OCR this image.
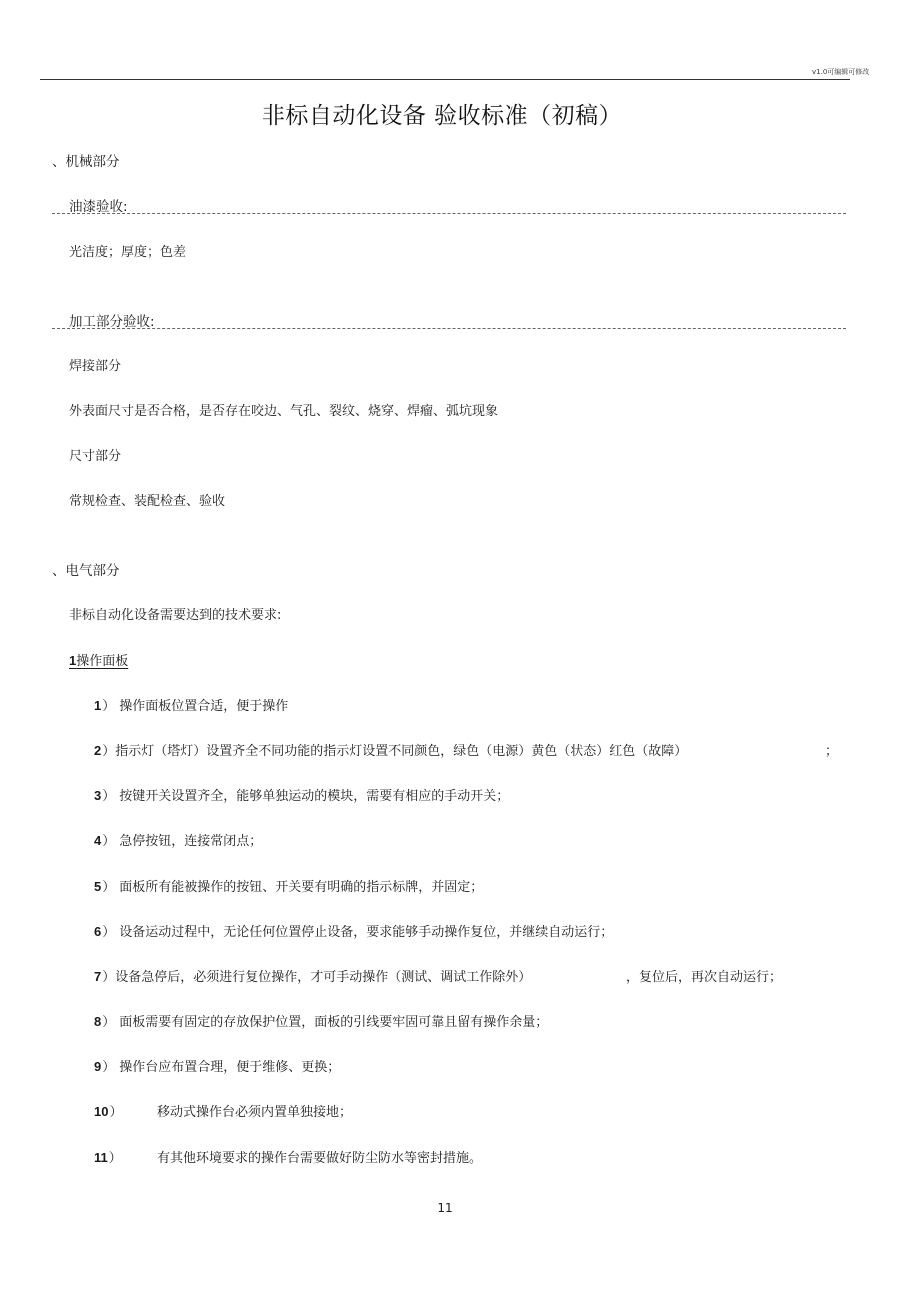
v1.0可编辑可修改
非标自动化设备 验收标准（初稿）
、机械部分
油漆验收:
光洁度；厚度；色差
加工部分验收:
焊接部分
外表面尺寸是否合格，是否存在咬边、气孔、裂纹、烧穿、焊瘤、弧坑现象
尺寸部分
常规检查、装配检查、验收
、电气部分
非标自动化设备需要达到的技术要求:
1操作面板
1） 操作面板位置合适，便于操作
2）指示灯（塔灯）设置齐全不同功能的指示灯设置不同颜色，绿色（电源）黄色（状态）红色（故障）	；
3） 按键开关设置齐全，能够单独运动的模块，需要有相应的手动开关；
4） 急停按钮，连接常闭点；
5） 面板所有能被操作的按钮、开关要有明确的指示标牌，并固定；
6） 设备运动过程中，无论任何位置停止设备，要求能够手动操作复位，并继续自动运行；
7）设备急停后，必须进行复位操作，才可手动操作（测试、调试工作除外）	，复位后，再次自动运行；
8） 面板需要有固定的存放保护位置，面板的引线要牢固可靠且留有操作余量；
9） 操作台应布置合理，便于维修、更换；
10）	移动式操作台必须内置单独接地；
11）	有其他环境要求的操作台需要做好防尘防水等密封措施。
11
